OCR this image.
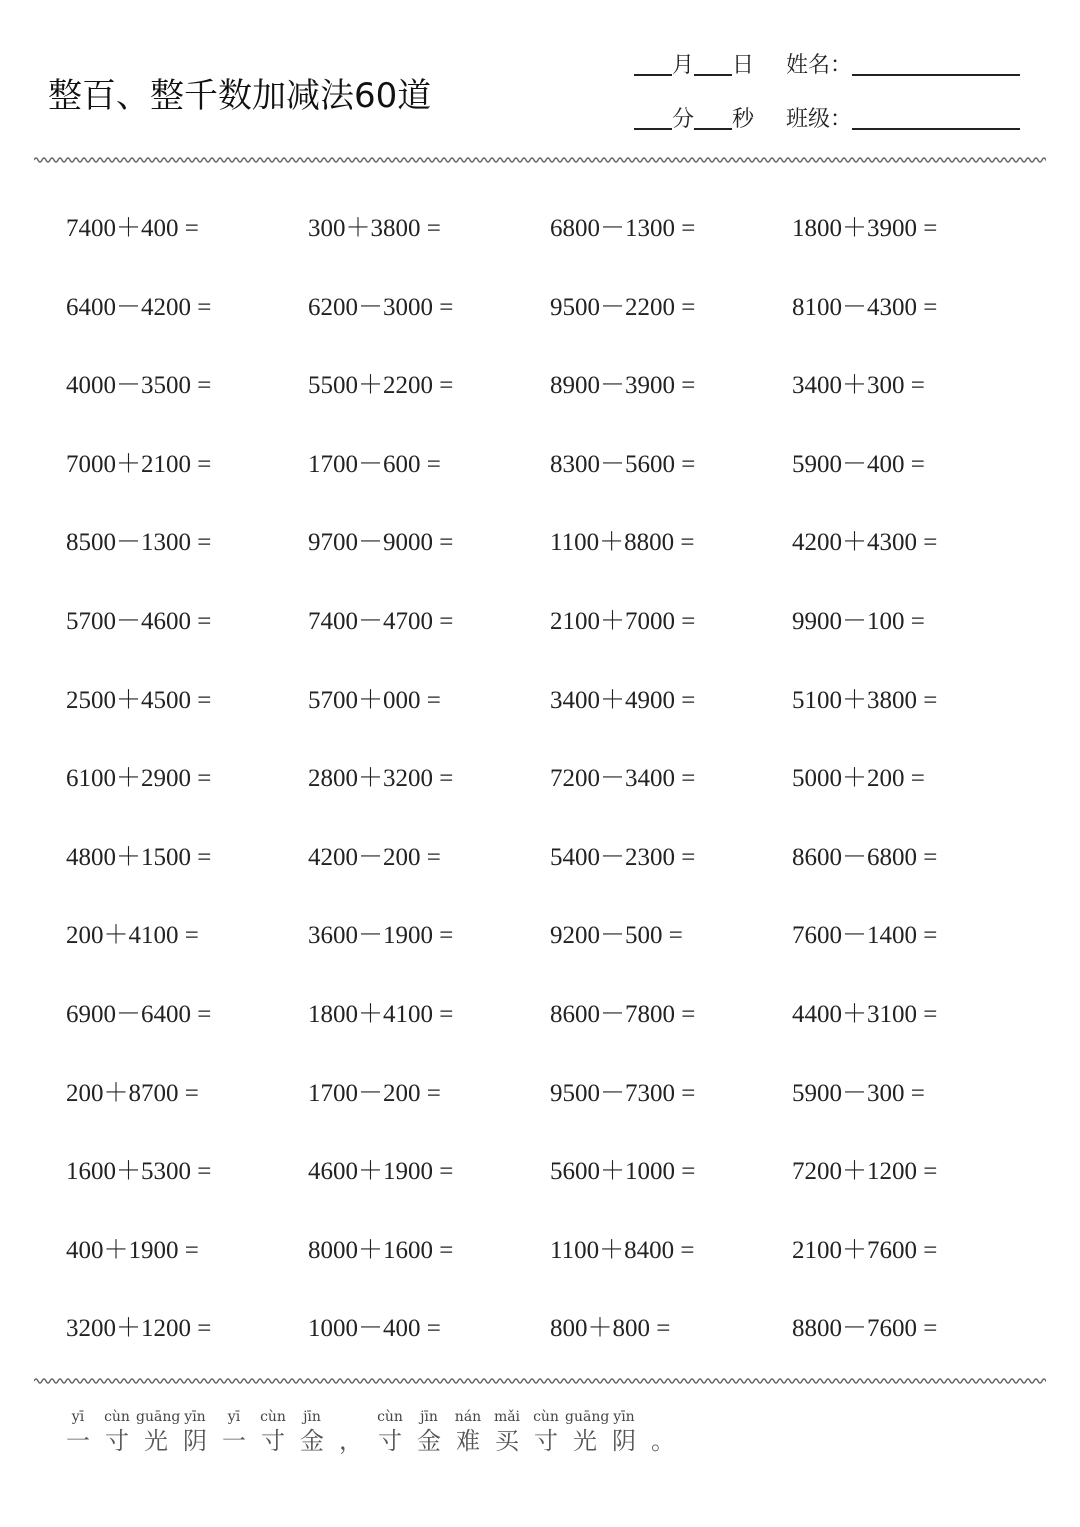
整百、整千数加减法60道
月 日 姓名：
分 秒 班级：
7400＋400 =	300＋3800 =	6800－1300 =	1800＋3900 =
6400－4200 =	6200－3000 =	9500－2200 =	8100－4300 =
4000－3500 =	5500＋2200 =	8900－3900 =	3400＋300 =
7000＋2100 =	1700－600 =	8300－5600 =	5900－400 =
8500－1300 =	9700－9000 =	1100＋8800 =	4200＋4300 =
5700－4600 =	7400－4700 =	2100＋7000 =	9900－100 =
2500＋4500 =	5700＋000 =	3400＋4900 =	5100＋3800 =
6100＋2900 =	2800＋3200 =	7200－3400 =	5000＋200 =
4800＋1500 =	4200－200 =	5400－2300 =	8600－6800 =
200＋4100 =	3600－1900 =	9200－500 =	7600－1400 =
6900－6400 =	1800＋4100 =	8600－7800 =	4400＋3100 =
200＋8700 =	1700－200 =	9500－7300 =	5900－300 =
1600＋5300 =	4600＋1900 =	5600＋1000 =	7200＋1200 =
400＋1900 =	8000＋1600 =	1100＋8400 =	2100＋7600 =
3200＋1200 =	1000－400 =	800＋800 =	8800－7600 =
yī
一
cùn
寸
guāng
光
yīn
阴
yī
一
cùn
寸
jīn
金 ，
cùn
寸
jīn
金
nán
难
mǎi
买
cùn
寸
guāng
光
yīn
阴 。
